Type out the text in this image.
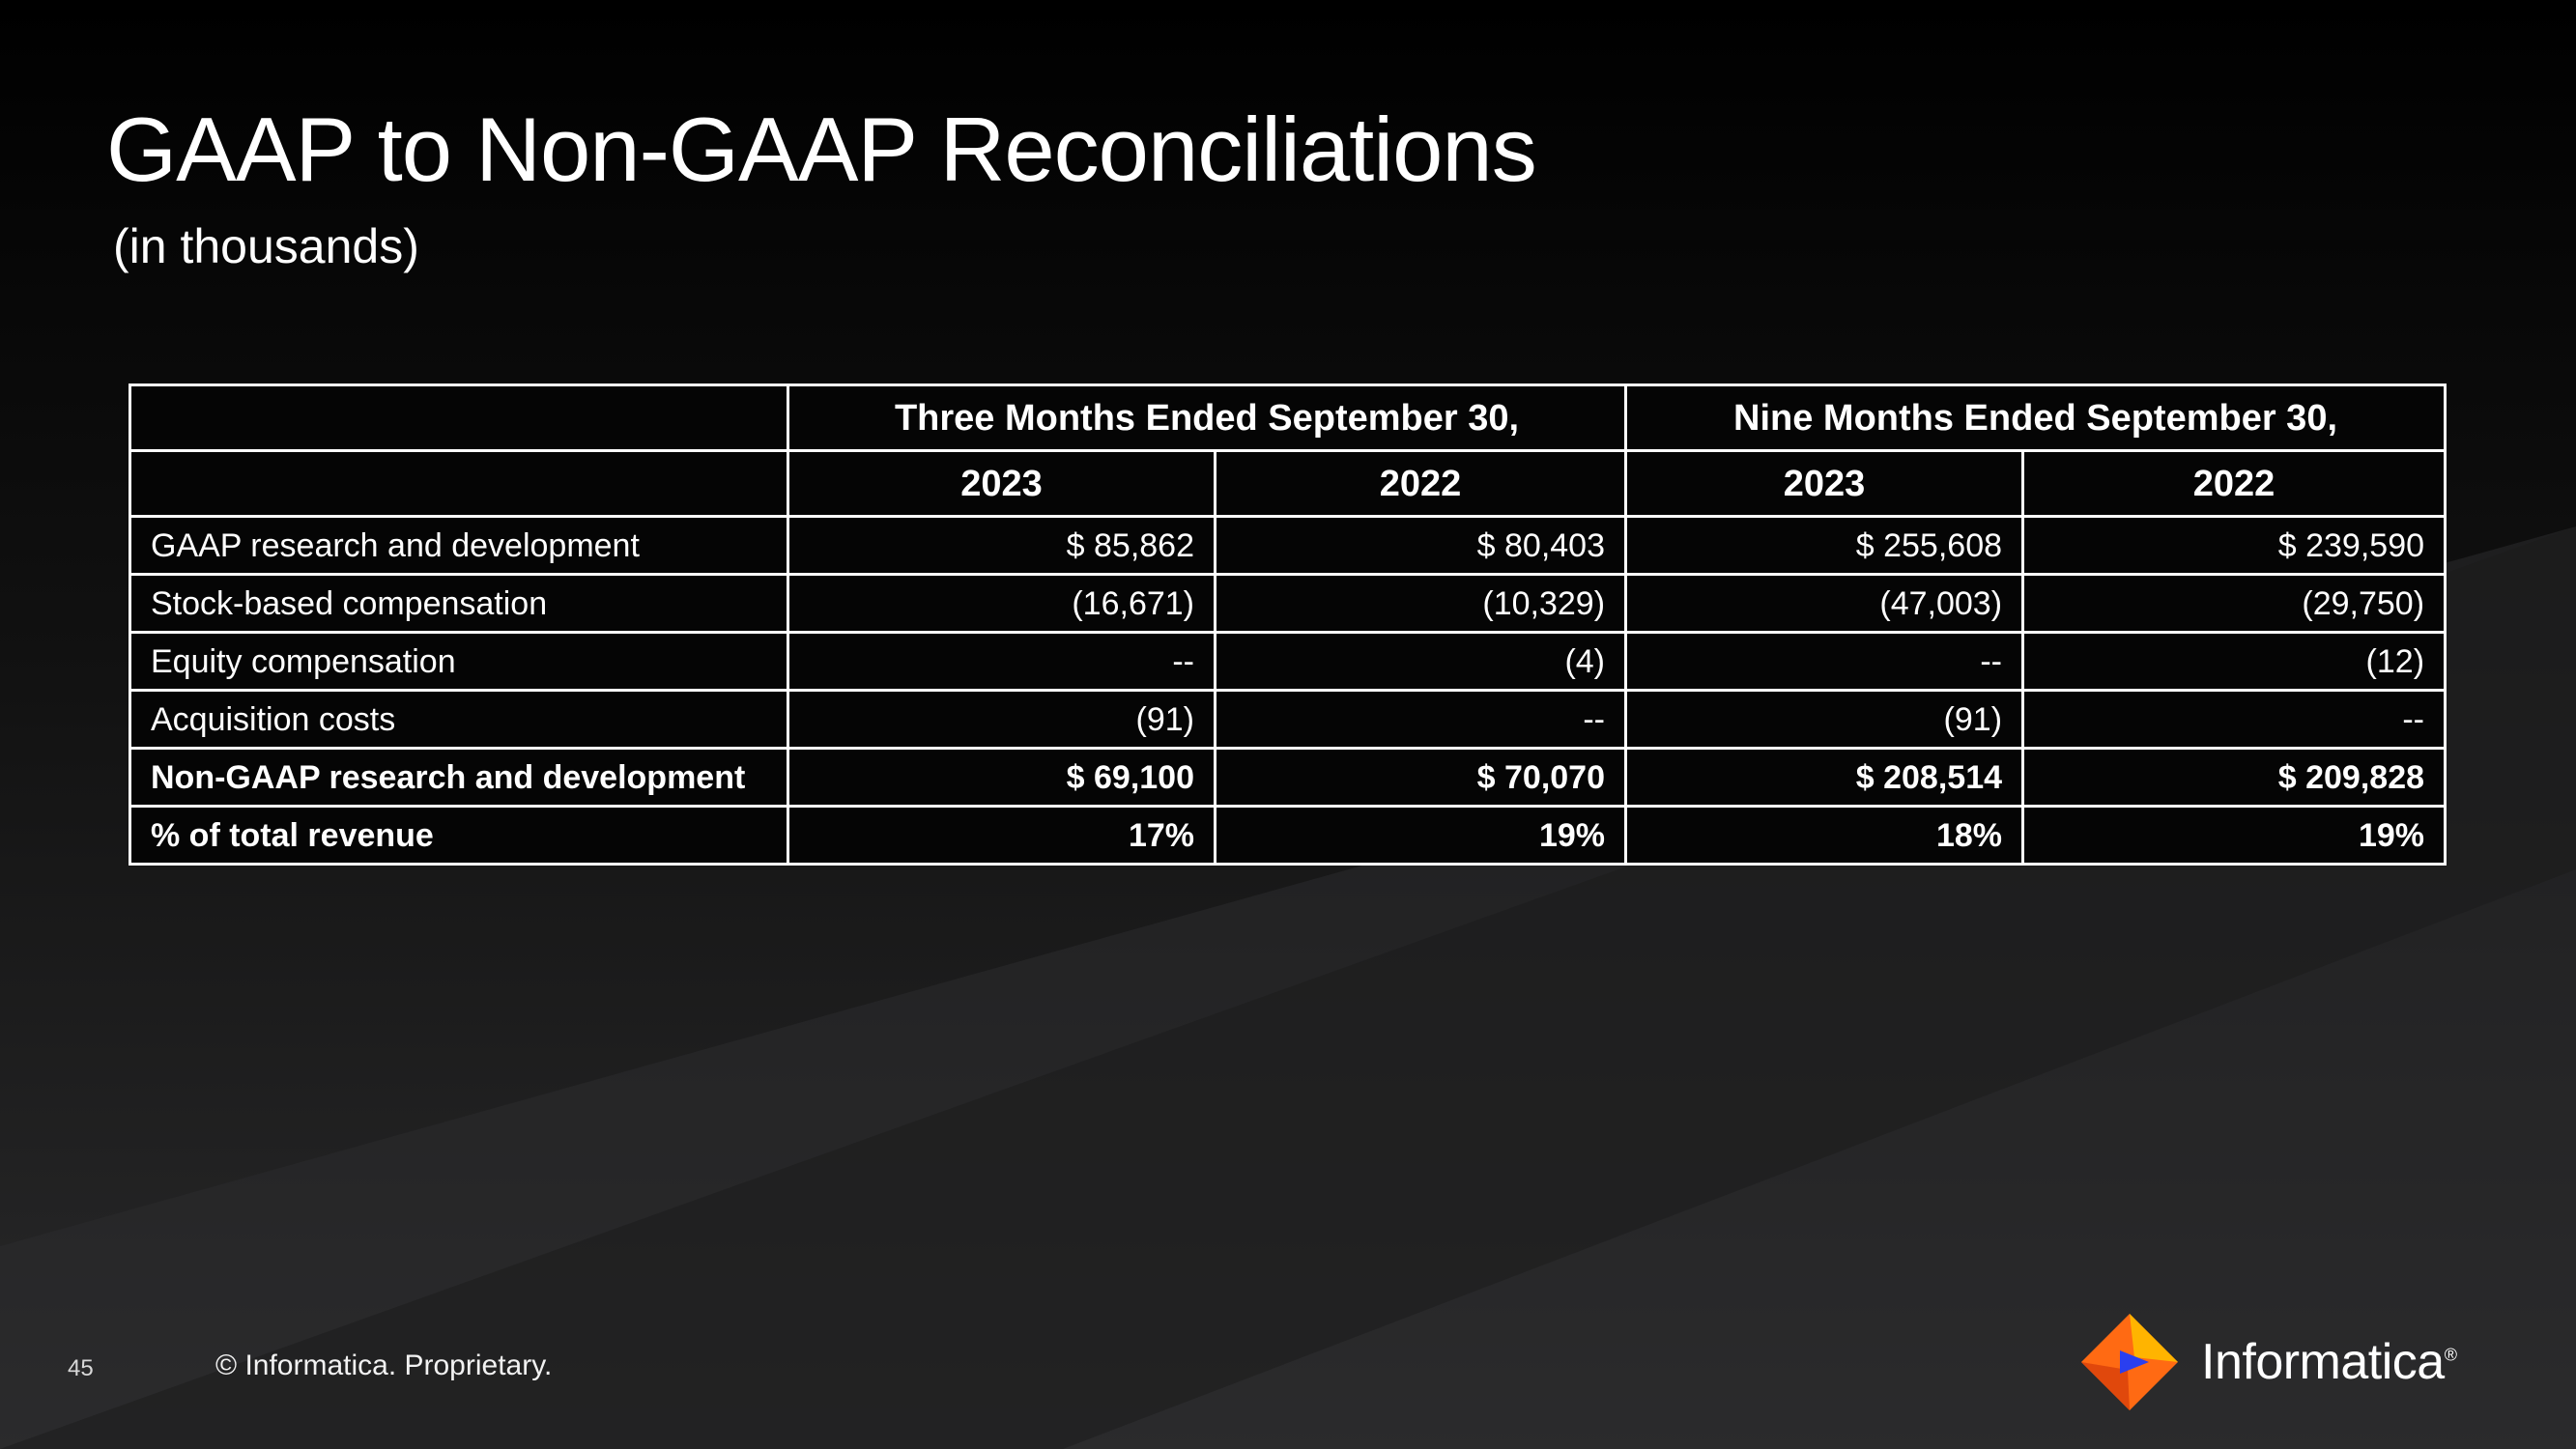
GAAP to Non-GAAP Reconciliations
(in thousands)
	Three Months Ended September 30,		Nine Months Ended September 30,	
	2023	2022	2023	2022
GAAP research and development	$ 85,862	$ 80,403	$ 255,608	$ 239,590
Stock-based compensation	(16,671)	(10,329)	(47,003)	(29,750)
Equity compensation	--	(4)	--	(12)
Acquisition costs	(91)	--	(91)	--
Non-GAAP research and development	$ 69,100	$ 70,070	$ 208,514	$ 209,828
% of total revenue	17%	19%	18%	19%
45	© Informatica. Proprietary.	Informatica®
